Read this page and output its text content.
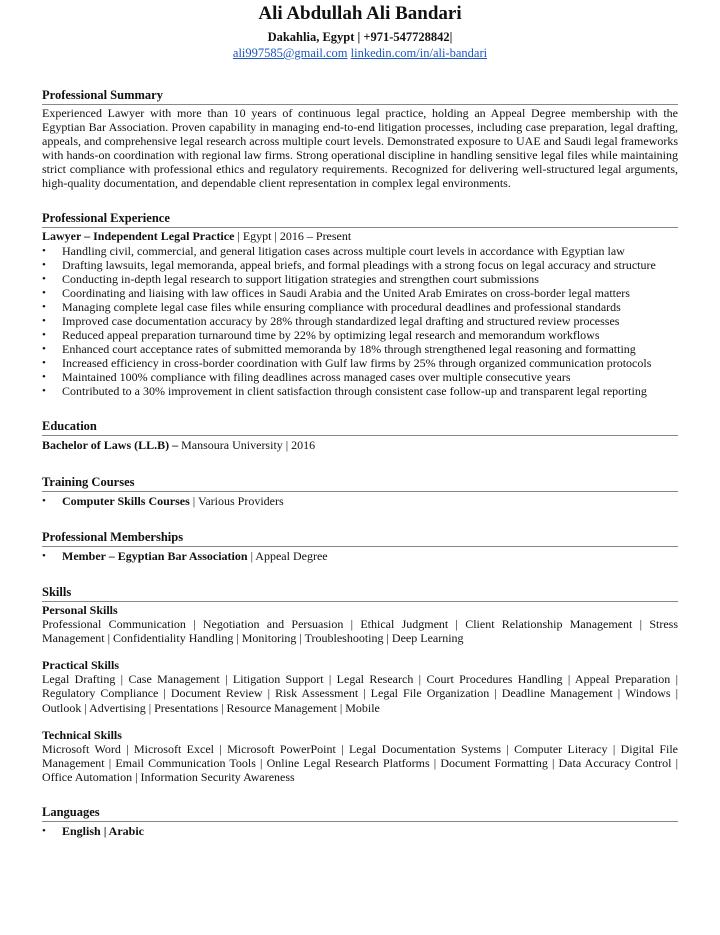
Ali Abdullah Ali Bandari
Dakahlia, Egypt | +971-547728842|
ali997585@gmail.com linkedin.com/in/ali-bandari
Professional Summary
Experienced Lawyer with more than 10 years of continuous legal practice, holding an Appeal Degree membership with the Egyptian Bar Association. Proven capability in managing end-to-end litigation processes, including case preparation, legal drafting, appeals, and comprehensive legal research across multiple court levels. Demonstrated exposure to UAE and Saudi legal frameworks with hands-on coordination with regional law firms. Strong operational discipline in handling sensitive legal files while maintaining strict compliance with professional ethics and regulatory requirements. Recognized for delivering well-structured legal arguments, high-quality documentation, and dependable client representation in complex legal environments.
Professional Experience
Lawyer – Independent Legal Practice | Egypt | 2016 – Present
• Handling civil, commercial, and general litigation cases across multiple court levels in accordance with Egyptian law
• Drafting lawsuits, legal memoranda, appeal briefs, and formal pleadings with a strong focus on legal accuracy and structure
• Conducting in-depth legal research to support litigation strategies and strengthen court submissions
• Coordinating and liaising with law offices in Saudi Arabia and the United Arab Emirates on cross-border legal matters
• Managing complete legal case files while ensuring compliance with procedural deadlines and professional standards
• Improved case documentation accuracy by 28% through standardized legal drafting and structured review processes
• Reduced appeal preparation turnaround time by 22% by optimizing legal research and memorandum workflows
• Enhanced court acceptance rates of submitted memoranda by 18% through strengthened legal reasoning and formatting
• Increased efficiency in cross-border coordination with Gulf law firms by 25% through organized communication protocols
• Maintained 100% compliance with filing deadlines across managed cases over multiple consecutive years
• Contributed to a 30% improvement in client satisfaction through consistent case follow-up and transparent legal reporting
Education
Bachelor of Laws (LL.B) – Mansoura University | 2016
Training Courses
• Computer Skills Courses | Various Providers
Professional Memberships
• Member – Egyptian Bar Association | Appeal Degree
Skills
Personal Skills
Professional Communication | Negotiation and Persuasion | Ethical Judgment | Client Relationship Management | Stress Management | Confidentiality Handling | Monitoring | Troubleshooting | Deep Learning
Practical Skills
Legal Drafting | Case Management | Litigation Support | Legal Research | Court Procedures Handling | Appeal Preparation | Regulatory Compliance | Document Review | Risk Assessment | Legal File Organization | Deadline Management | Windows | Outlook | Advertising | Presentations | Resource Management | Mobile
Technical Skills
Microsoft Word | Microsoft Excel | Microsoft PowerPoint | Legal Documentation Systems | Computer Literacy | Digital File Management | Email Communication Tools | Online Legal Research Platforms | Document Formatting | Data Accuracy Control | Office Automation | Information Security Awareness
Languages
• English | Arabic
